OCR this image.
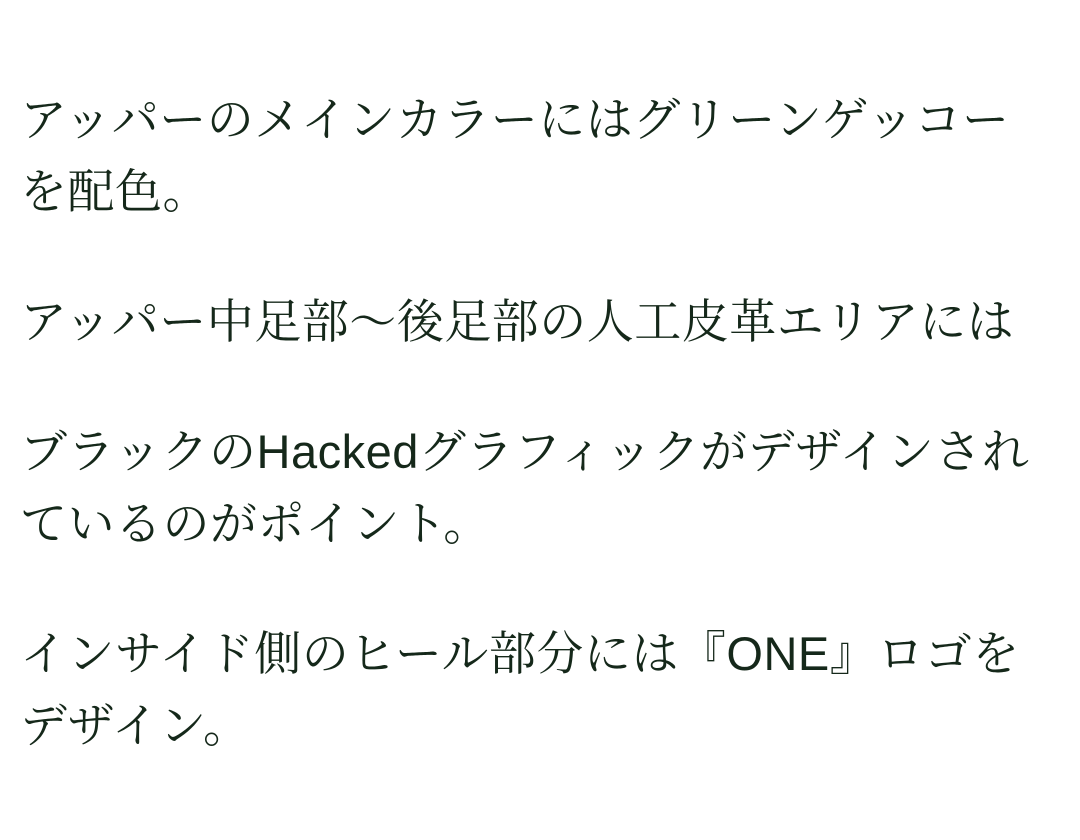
アッパーのメインカラーにはグリーンゲッコー
を配色。

アッパー中足部〜後足部の人工皮革エリアには

ブラックのHackedグラフィックがデザインされ
ているのがポイント。

インサイド側のヒール部分には『ONE』ロゴを
デザイン。
